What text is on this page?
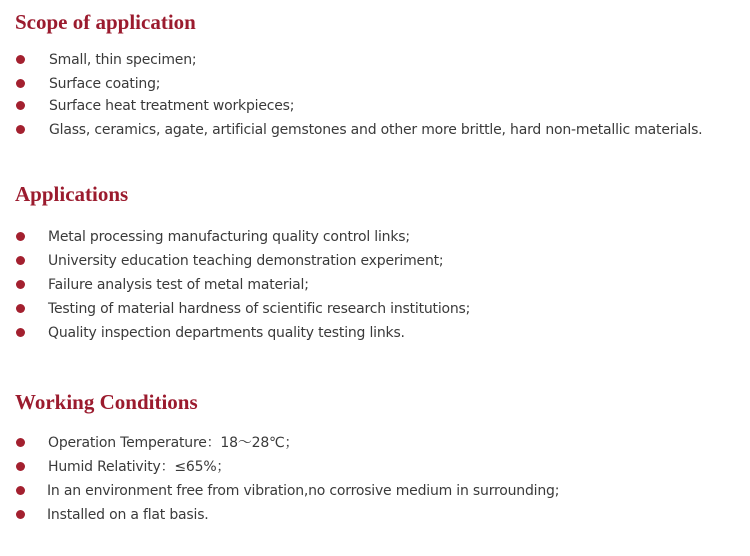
Scope of application
Small, thin specimen;
Surface coating;
Surface heat treatment workpieces;
Glass, ceramics, agate, artificial gemstones and other more brittle, hard non-metallic materials.
Applications
Metal processing manufacturing quality control links;
University education teaching demonstration experiment;
Failure analysis test of metal material;
Testing of material hardness of scientific research institutions;
Quality inspection departments quality testing links.
Working Conditions
Operation Temperature：18～28℃；
Humid Relativity：≤65%；
In an environment free from vibration,no corrosive medium in surrounding;
Installed on a flat basis.
